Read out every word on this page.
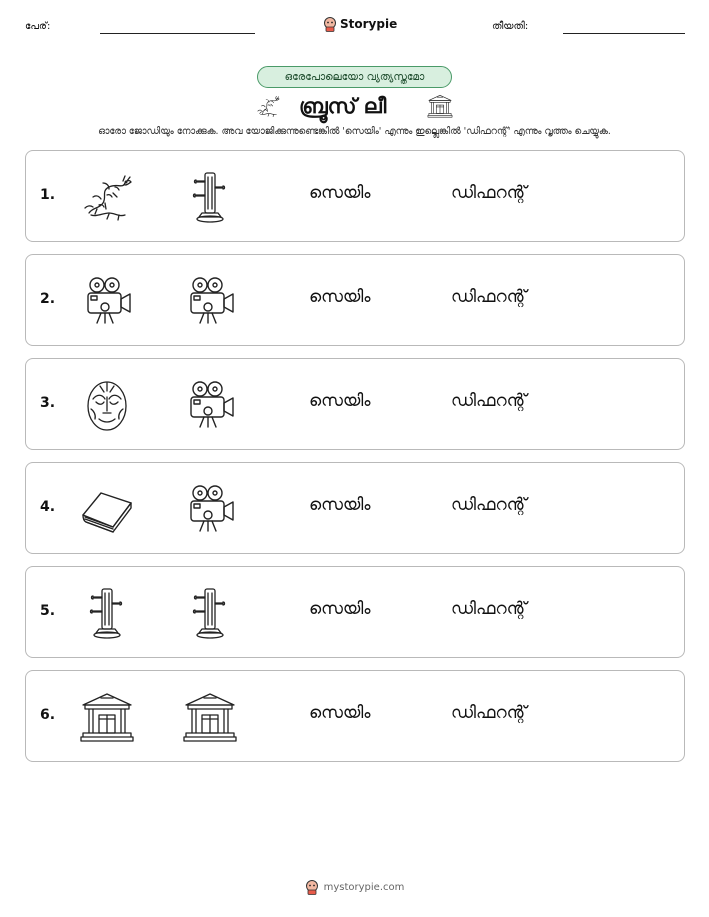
പേര്:	Storypie	തീയതി:
ഒരേപോലെയോ വ്യത്യസ്തമോ
ബ്രൂസ് ലീ
ഓരോ ജോഡിയും നോക്കുക. അവ യോജിക്കുന്നുണ്ടെങ്കിൽ 'സെയിം' എന്നും ഇല്ലെങ്കിൽ 'ഡിഫറന്റ്' എന്നും വൃത്തം ചെയ്യുക.
1.	സെയിം	ഡിഫറന്റ്
2.	സെയിം	ഡിഫറന്റ്
3.	സെയിം	ഡിഫറന്റ്
4.	സെയിം	ഡിഫറന്റ്
5.	സെയിം	ഡിഫറന്റ്
6.	സെയിം	ഡിഫറന്റ്
mystorypie.com
